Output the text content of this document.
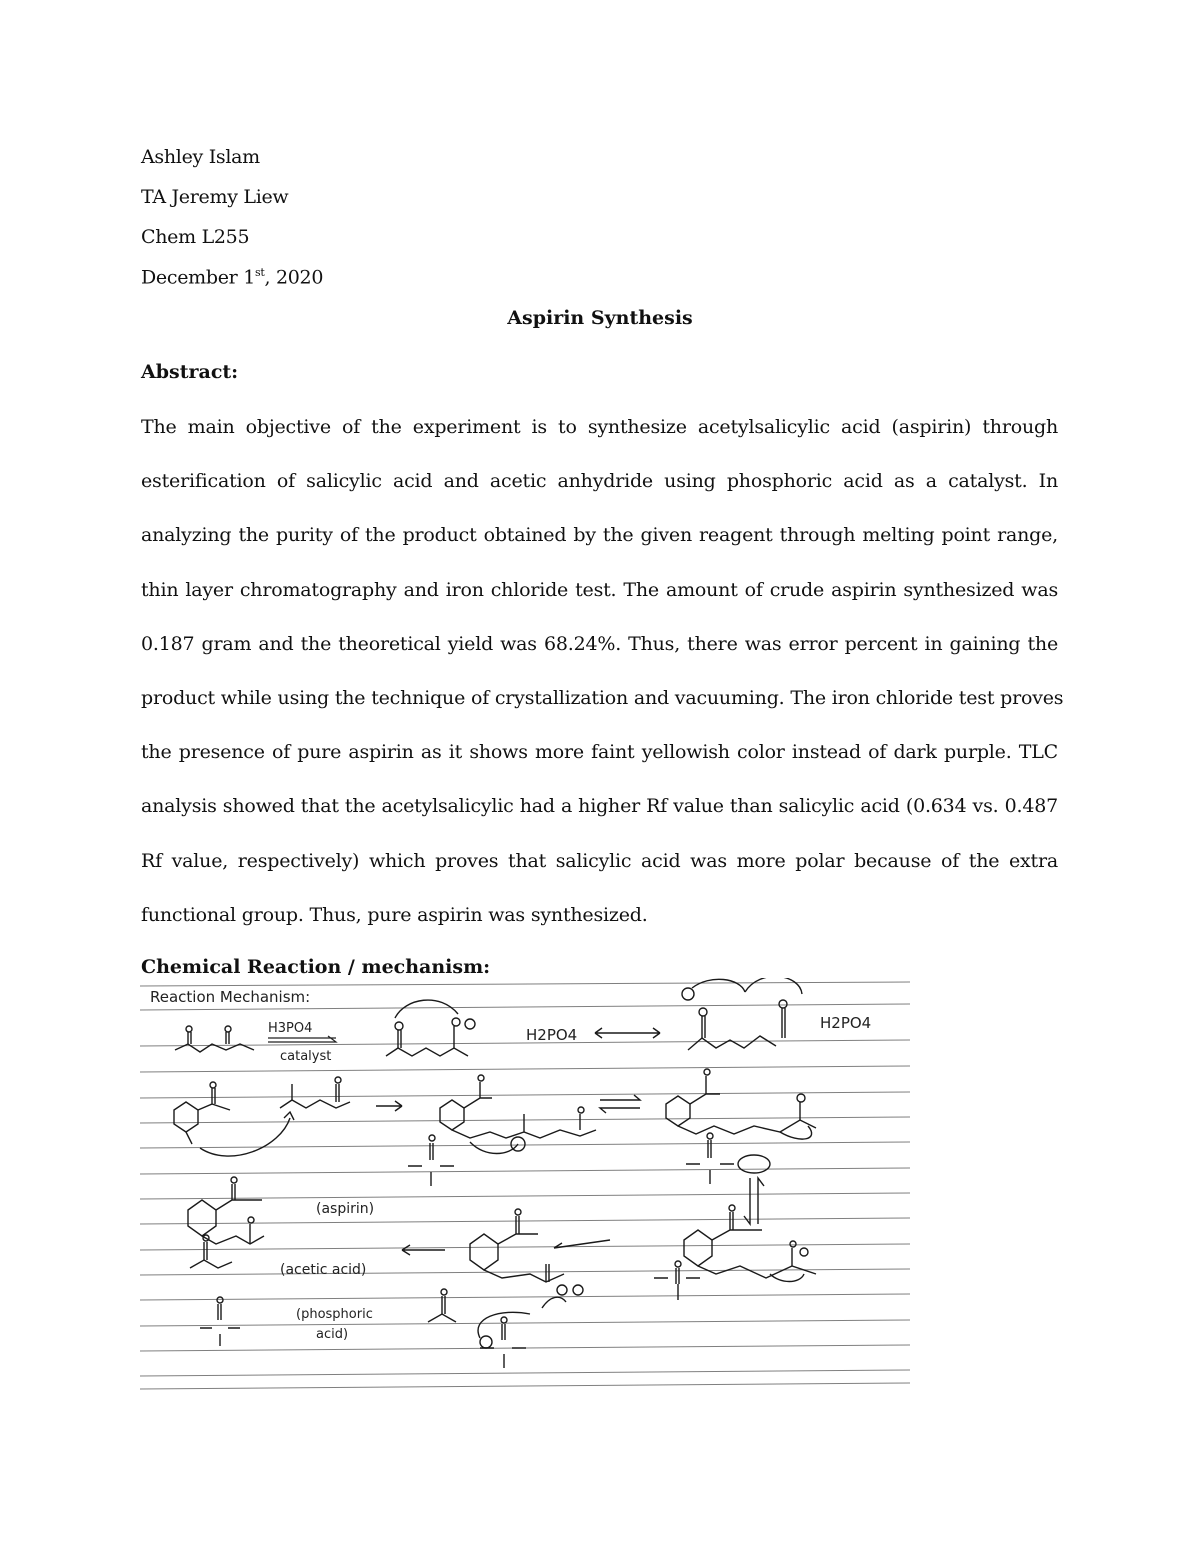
Ashley Islam
TA Jeremy Liew
Chem L255
December 1st, 2020
Aspirin Synthesis
Abstract:
The main objective of the experiment is to synthesize acetylsalicylic acid (aspirin) through
esterification of salicylic acid and acetic anhydride using phosphoric acid as a catalyst. In
analyzing the purity of the product obtained by the given reagent through melting point range,
thin layer chromatography and iron chloride test. The amount of crude aspirin synthesized was
0.187 gram and the theoretical yield was 68.24%. Thus, there was error percent in gaining the
product while using the technique of crystallization and vacuuming. The iron chloride test proves
the presence of pure aspirin as it shows more faint yellowish color instead of dark purple. TLC
analysis showed that the acetylsalicylic had a higher Rf value than salicylic acid (0.634 vs. 0.487
Rf value, respectively) which proves that salicylic acid was more polar because of the extra
functional group. Thus, pure aspirin was synthesized.
Chemical Reaction / mechanism:
Reaction Mechanism:
H3PO4
catalyst
H2PO4
H2PO4
(aspirin)
(acetic acid)
(phosphoric
acid)
